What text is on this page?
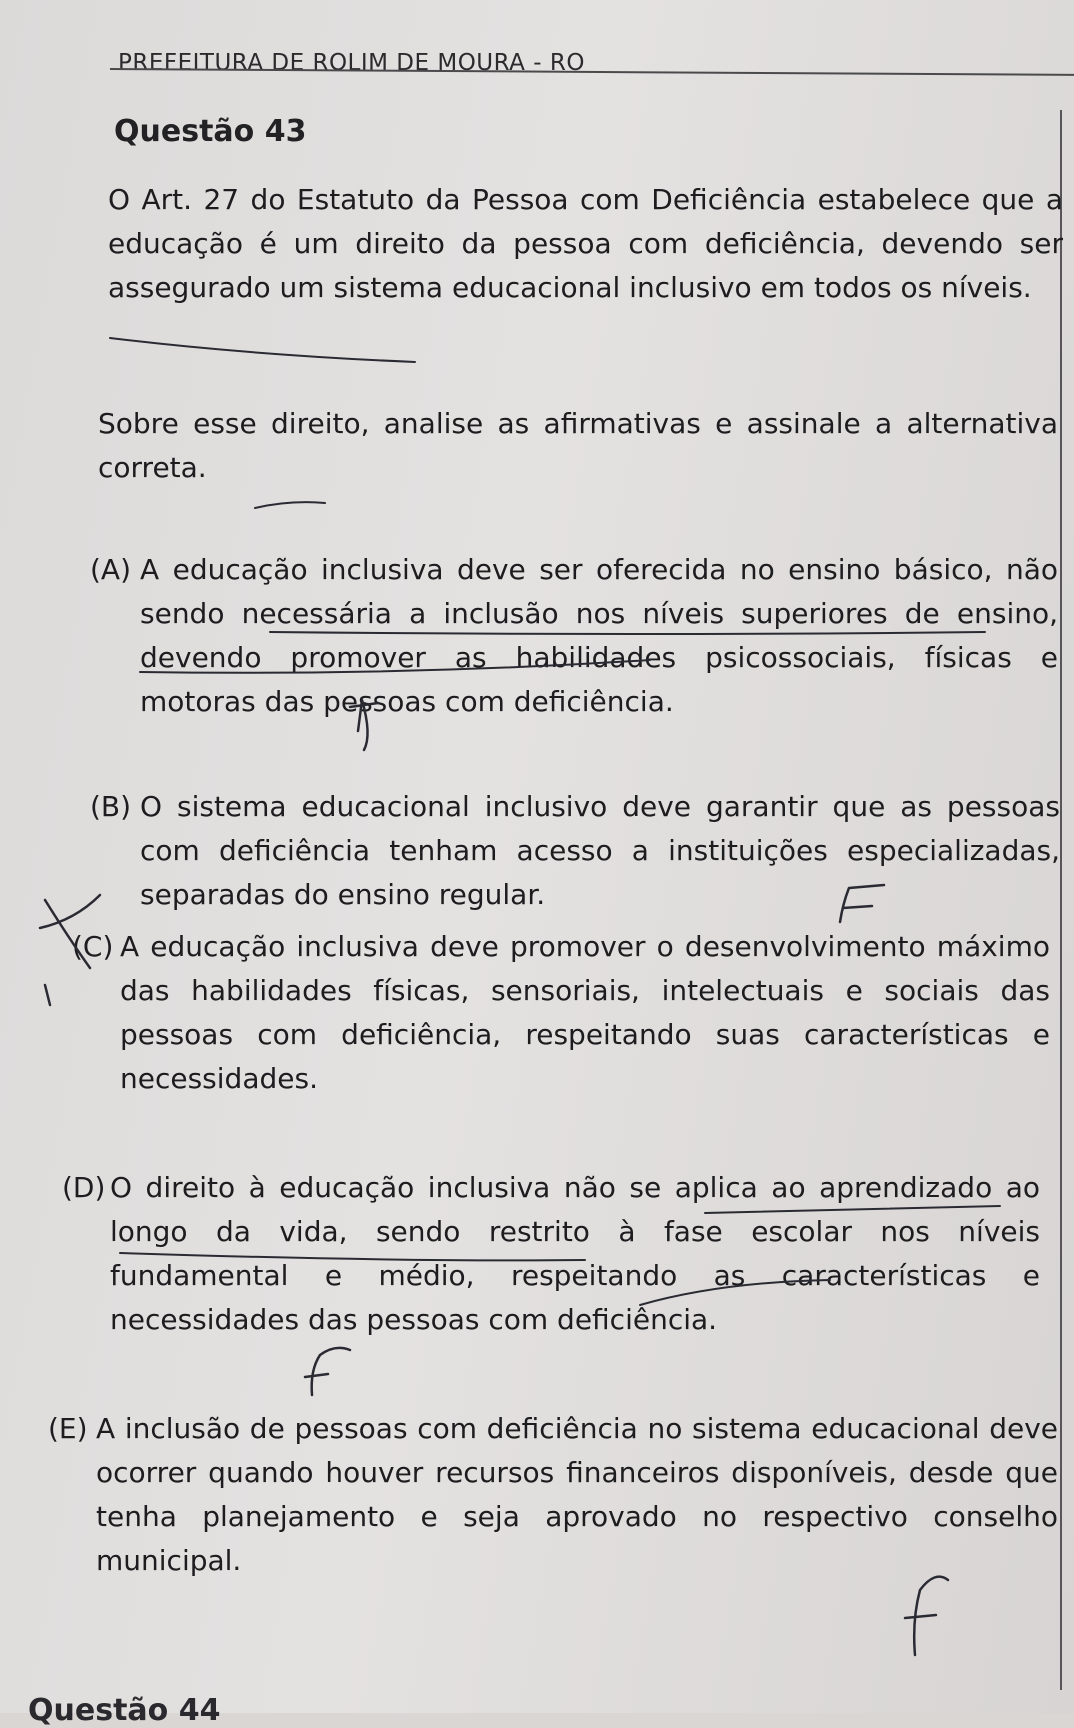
PREFEITURA DE ROLIM DE MOURA - RO
Questão 43

O Art. 27 do Estatuto da Pessoa com Deficiência estabelece que a educação é um direito da pessoa com deficiência, devendo ser assegurado um sistema educacional inclusivo em todos os níveis.

Sobre esse direito, analise as afirmativas e assinale a alternativa correta.

(A) A educação inclusiva deve ser oferecida no ensino básico, não sendo necessária a inclusão nos níveis superiores de ensino, devendo promover as habilidades psicossociais, físicas e motoras das pessoas com deficiência.
(B) O sistema educacional inclusivo deve garantir que as pessoas com deficiência tenham acesso a instituições especializadas, separadas do ensino regular.
(C) A educação inclusiva deve promover o desenvolvimento máximo das habilidades físicas, sensoriais, intelectuais e sociais das pessoas com deficiência, respeitando suas características e necessidades.
(D) O direito à educação inclusiva não se aplica ao aprendizado ao longo da vida, sendo restrito à fase escolar nos níveis fundamental e médio, respeitando as características e necessidades das pessoas com deficiência.
(E) A inclusão de pessoas com deficiência no sistema educacional deve ocorrer quando houver recursos financeiros disponíveis, desde que tenha planejamento e seja aprovado no respectivo conselho municipal.
Questão 44
